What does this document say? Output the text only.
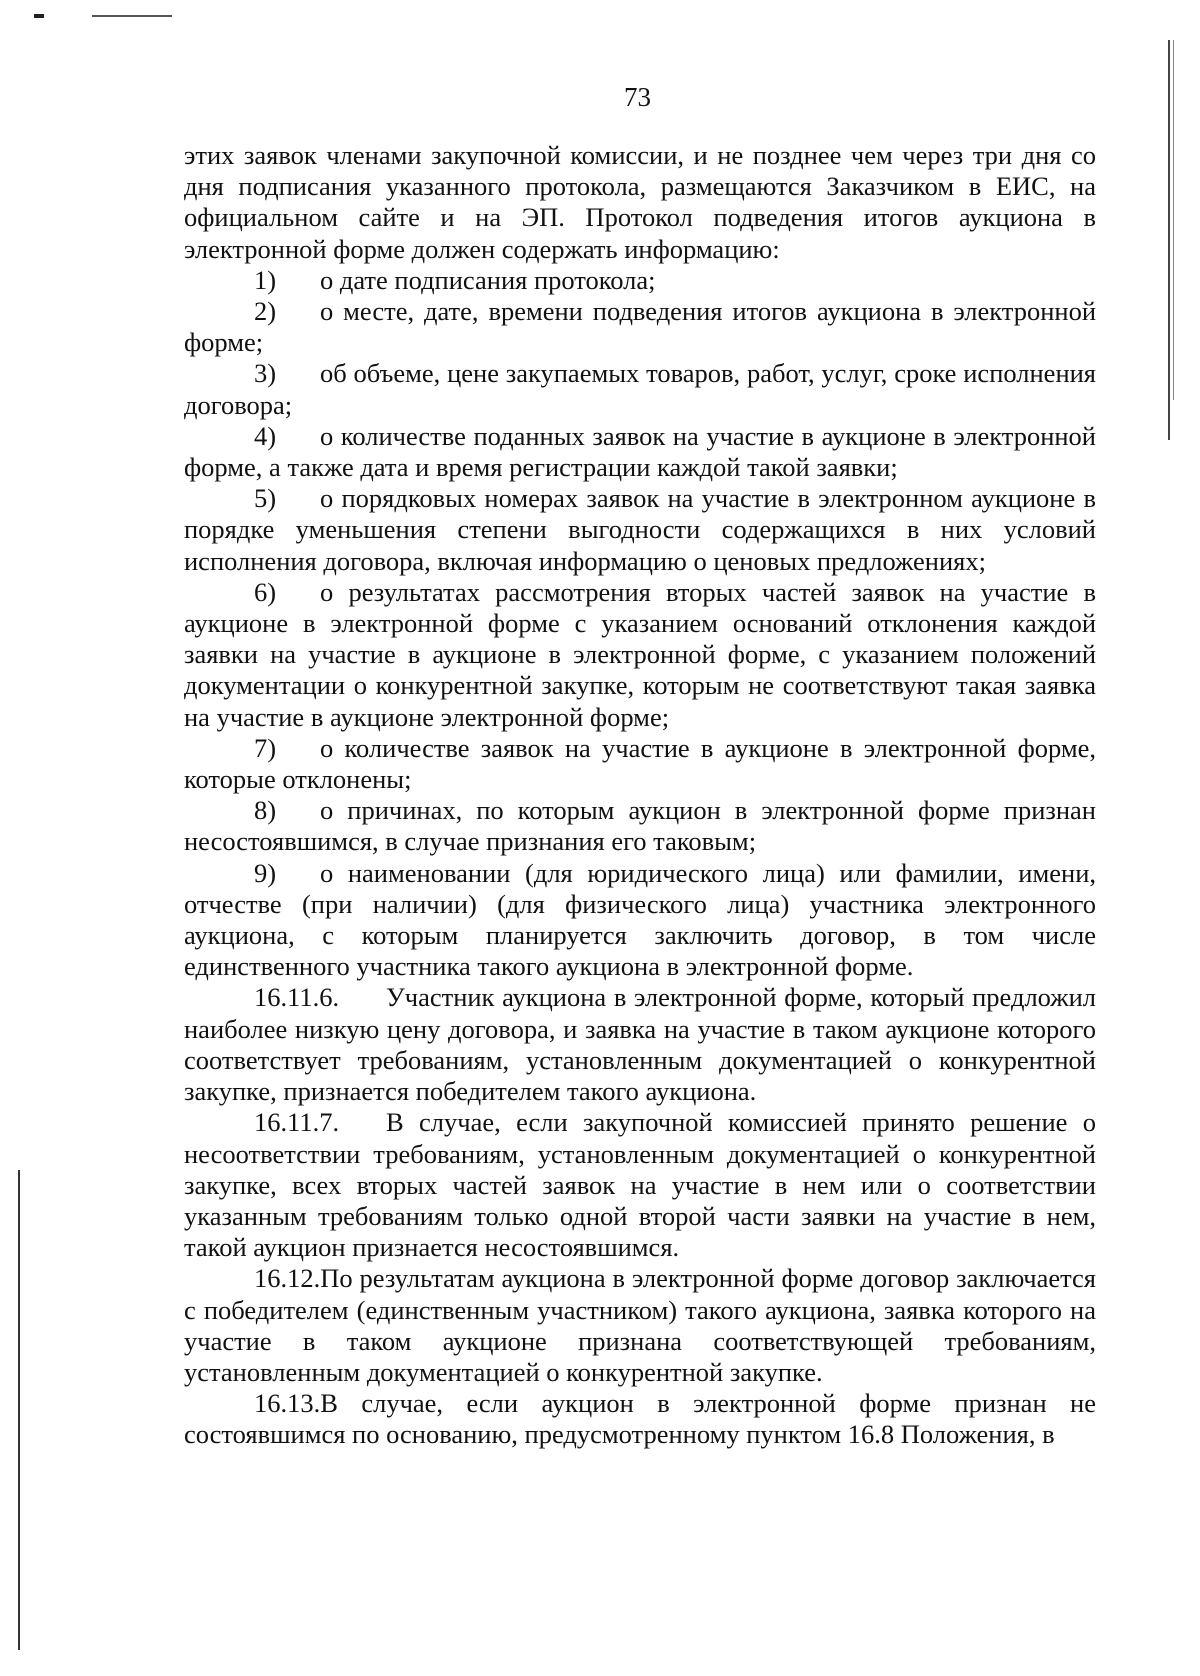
73

этих заявок членами закупочной комиссии, и не позднее чем через три дня со дня подписания указанного протокола, размещаются Заказчиком в ЕИС, на официальном сайте и на ЭП. Протокол подведения итогов аукциона в электронной форме должен содержать информацию:

1) о дате подписания протокола;

2) о месте, дате, времени подведения итогов аукциона в электронной форме;

3) об объеме, цене закупаемых товаров, работ, услуг, сроке исполнения договора;

4) о количестве поданных заявок на участие в аукционе в электронной форме, а также дата и время регистрации каждой такой заявки;

5) о порядковых номерах заявок на участие в электронном аукционе в порядке уменьшения степени выгодности содержащихся в них условий исполнения договора, включая информацию о ценовых предложениях;

6) о результатах рассмотрения вторых частей заявок на участие в аукционе в электронной форме с указанием оснований отклонения каждой заявки на участие в аукционе в электронной форме, с указанием положений документации о конкурентной закупке, которым не соответствуют такая заявка на участие в аукционе электронной форме;

7) о количестве заявок на участие в аукционе в электронной форме, которые отклонены;

8) о причинах, по которым аукцион в электронной форме признан несостоявшимся, в случае признания его таковым;

9) о наименовании (для юридического лица) или фамилии, имени, отчестве (при наличии) (для физического лица) участника электронного аукциона, с которым планируется заключить договор, в том числе единственного участника такого аукциона в электронной форме.

16.11.6. Участник аукциона в электронной форме, который предложил наиболее низкую цену договора, и заявка на участие в таком аукционе которого соответствует требованиям, установленным документацией о конкурентной закупке, признается победителем такого аукциона.

16.11.7. В случае, если закупочной комиссией принято решение о несоответствии требованиям, установленным документацией о конкурентной закупке, всех вторых частей заявок на участие в нем или о соответствии указанным требованиям только одной второй части заявки на участие в нем, такой аукцион признается несостоявшимся.

16.12.По результатам аукциона в электронной форме договор заключается с победителем (единственным участником) такого аукциона, заявка которого на участие в таком аукционе признана соответствующей требованиям, установленным документацией о конкурентной закупке.

16.13.В случае, если аукцион в электронной форме признан не состоявшимся по основанию, предусмотренному пунктом 16.8 Положения, в
